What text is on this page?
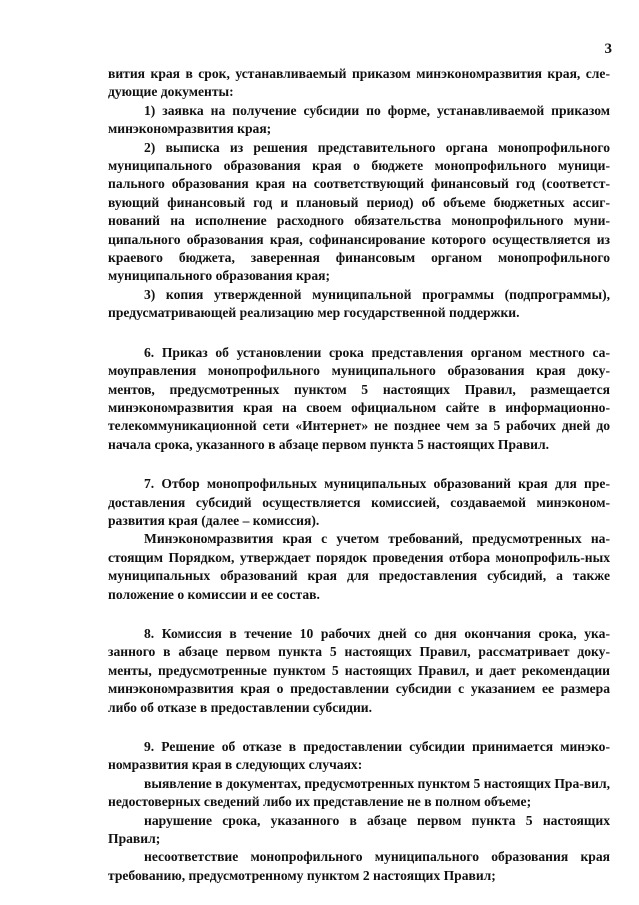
3

вития края в срок, устанавливаемый приказом минэкономразвития края, сле-дующие документы:

1) заявка на получение субсидии по форме, устанавливаемой приказом минэкономразвития края;

2) выписка из решения представительного органа монопрофильного муниципального образования края о бюджете монопрофильного муници-пального образования края на соответствующий финансовый год (соответст-вующий финансовый год и плановый период) об объеме бюджетных ассиг-нований на исполнение расходного обязательства монопрофильного муни-ципального образования края, софинансирование которого осуществляется из краевого бюджета, заверенная финансовым органом монопрофильного муниципального образования края;

3) копия утвержденной муниципальной программы (подпрограммы), предусматривающей реализацию мер государственной поддержки.

6. Приказ об установлении срока представления органом местного са-моуправления монопрофильного муниципального образования края доку-ментов, предусмотренных пунктом 5 настоящих Правил, размещается минэкономразвития края на своем официальном сайте в информационно-телекоммуникационной сети «Интернет» не позднее чем за 5 рабочих дней до начала срока, указанного в абзаце первом пункта 5 настоящих Правил.

7. Отбор монопрофильных муниципальных образований края для пре-доставления субсидий осуществляется комиссией, создаваемой минэконом-развития края (далее – комиссия).

Минэкономразвития края с учетом требований, предусмотренных на-стоящим Порядком, утверждает порядок проведения отбора монопрофиль-ных муниципальных образований края для предоставления субсидий, а также положение о комиссии и ее состав.

8. Комиссия в течение 10 рабочих дней со дня окончания срока, ука-занного в абзаце первом пункта 5 настоящих Правил, рассматривает доку-менты, предусмотренные пунктом 5 настоящих Правил, и дает рекомендации минэкономразвития края о предоставлении субсидии с указанием ее размера либо об отказе в предоставлении субсидии.

9. Решение об отказе в предоставлении субсидии принимается минэко-номразвития края в следующих случаях:

выявление в документах, предусмотренных пунктом 5 настоящих Пра-вил, недостоверных сведений либо их представление не в полном объеме;

нарушение срока, указанного в абзаце первом пункта 5 настоящих Правил;

несоответствие монопрофильного муниципального образования края требованию, предусмотренному пунктом 2 настоящих Правил;
